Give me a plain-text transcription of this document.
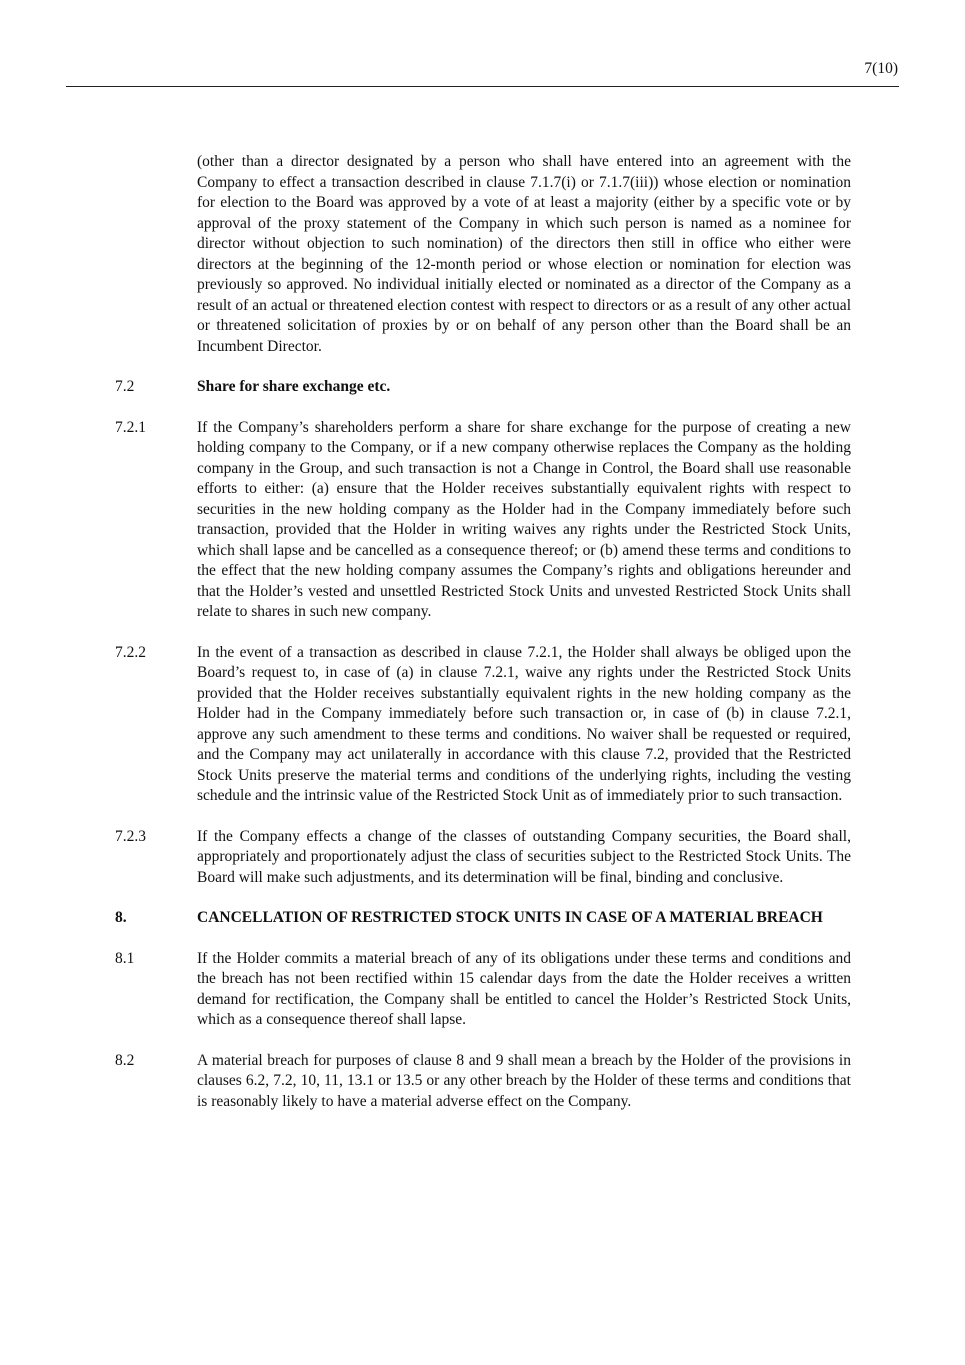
7(10)
(other than a director designated by a person who shall have entered into an agreement with the Company to effect a transaction described in clause 7.1.7(i) or 7.1.7(iii)) whose election or nomination for election to the Board was approved by a vote of at least a majority (either by a specific vote or by approval of the proxy statement of the Company in which such person is named as a nominee for director without objection to such nomination) of the directors then still in office who either were directors at the beginning of the 12-month period or whose election or nomination for election was previously so approved. No individual initially elected or nominated as a director of the Company as a result of an actual or threatened election contest with respect to directors or as a result of any other actual or threatened solicitation of proxies by or on behalf of any person other than the Board shall be an Incumbent Director.
7.2	Share for share exchange etc.
7.2.1	If the Company’s shareholders perform a share for share exchange for the purpose of creating a new holding company to the Company, or if a new company otherwise replaces the Company as the holding company in the Group, and such transaction is not a Change in Control, the Board shall use reasonable efforts to either: (a) ensure that the Holder receives substantially equivalent rights with respect to securities in the new holding company as the Holder had in the Company immediately before such transaction, provided that the Holder in writing waives any rights under the Restricted Stock Units, which shall lapse and be cancelled as a consequence thereof; or (b) amend these terms and conditions to the effect that the new holding company assumes the Company’s rights and obligations hereunder and that the Holder’s vested and unsettled Restricted Stock Units and unvested Restricted Stock Units shall relate to shares in such new company.
7.2.2	In the event of a transaction as described in clause 7.2.1, the Holder shall always be obliged upon the Board’s request to, in case of (a) in clause 7.2.1, waive any rights under the Restricted Stock Units provided that the Holder receives substantially equivalent rights in the new holding company as the Holder had in the Company immediately before such transaction or, in case of (b) in clause 7.2.1, approve any such amendment to these terms and conditions. No waiver shall be requested or required, and the Company may act unilaterally in accordance with this clause 7.2, provided that the Restricted Stock Units preserve the material terms and conditions of the underlying rights, including the vesting schedule and the intrinsic value of the Restricted Stock Unit as of immediately prior to such transaction.
7.2.3	If the Company effects a change of the classes of outstanding Company securities, the Board shall, appropriately and proportionately adjust the class of securities subject to the Restricted Stock Units. The Board will make such adjustments, and its determination will be final, binding and conclusive.
8.	CANCELLATION OF RESTRICTED STOCK UNITS IN CASE OF A MATERIAL BREACH
8.1	If the Holder commits a material breach of any of its obligations under these terms and conditions and the breach has not been rectified within 15 calendar days from the date the Holder receives a written demand for rectification, the Company shall be entitled to cancel the Holder’s Restricted Stock Units, which as a consequence thereof shall lapse.
8.2	A material breach for purposes of clause 8 and 9 shall mean a breach by the Holder of the provisions in clauses 6.2, 7.2, 10, 11, 13.1 or 13.5 or any other breach by the Holder of these terms and conditions that is reasonably likely to have a material adverse effect on the Company.
